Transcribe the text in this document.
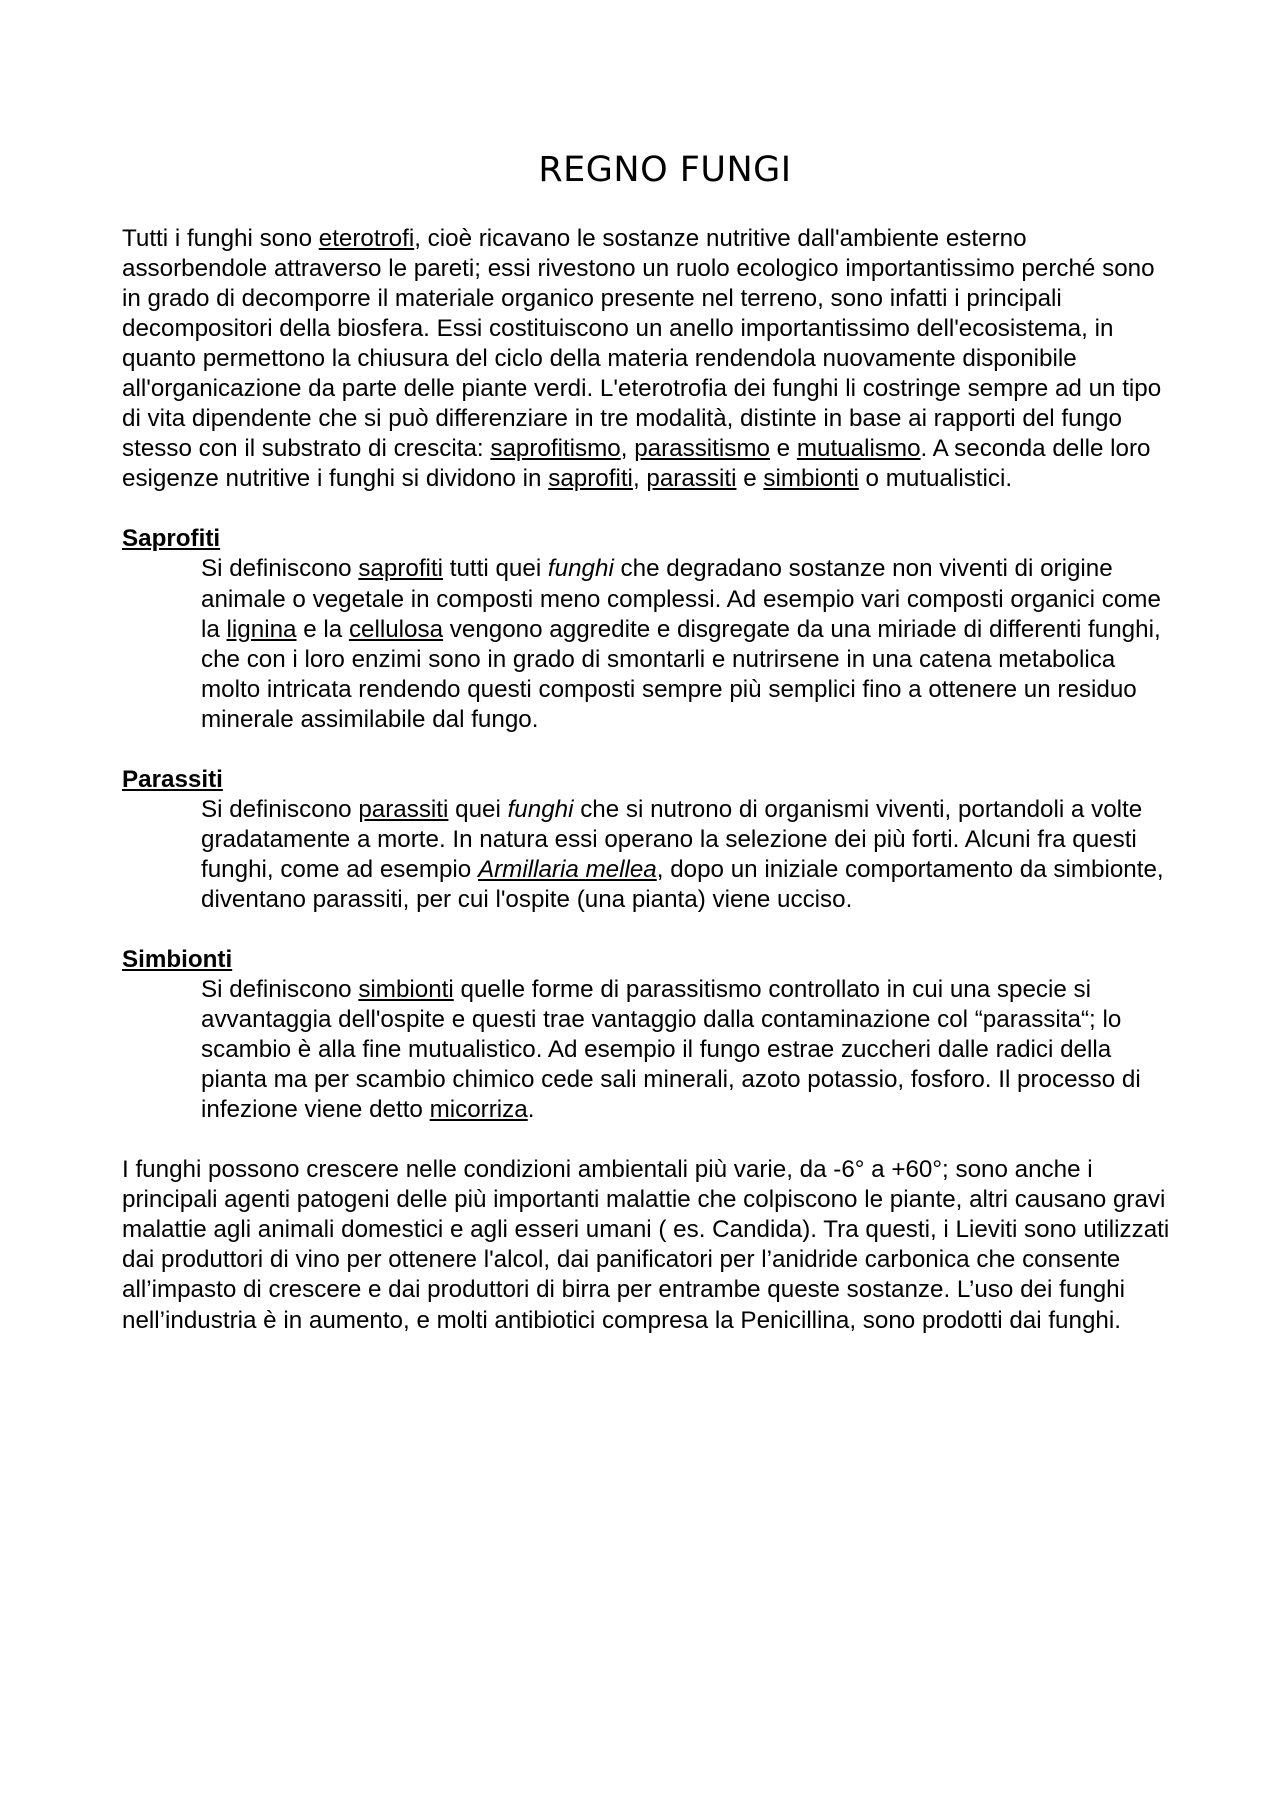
REGNO FUNGI

Tutti i funghi sono eterotrofi, cioè ricavano le sostanze nutritive dall'ambiente esterno assorbendole attraverso le pareti; essi rivestono un ruolo ecologico importantissimo perché sono in grado di decomporre il materiale organico presente nel terreno, sono infatti i principali decompositori della biosfera. Essi costituiscono un anello importantissimo dell'ecosistema, in quanto permettono la chiusura del ciclo della materia rendendola nuovamente disponibile all'organicazione da parte delle piante verdi. L'eterotrofia dei funghi li costringe sempre ad un tipo di vita dipendente che si può differenziare in tre modalità, distinte in base ai rapporti del fungo stesso con il substrato di crescita: saprofitismo, parassitismo e mutualismo. A seconda delle loro esigenze nutritive i funghi si dividono in saprofiti, parassiti e simbionti o mutualistici.

Saprofiti

Si definiscono saprofiti tutti quei funghi che degradano sostanze non viventi di origine animale o vegetale in composti meno complessi. Ad esempio vari composti organici come la lignina e la cellulosa vengono aggredite e disgregate da una miriade di differenti funghi, che con i loro enzimi sono in grado di smontarli e nutrirsene in una catena metabolica molto intricata rendendo questi composti sempre più semplici fino a ottenere un residuo minerale assimilabile dal fungo.

Parassiti

Si definiscono parassiti quei funghi che si nutrono di organismi viventi, portandoli a volte gradatamente a morte. In natura essi operano la selezione dei più forti. Alcuni fra questi funghi, come ad esempio Armillaria mellea, dopo un iniziale comportamento da simbionte, diventano parassiti, per cui l'ospite (una pianta) viene ucciso.

Simbionti

Si definiscono simbionti quelle forme di parassitismo controllato in cui una specie si avvantaggia dell'ospite e questi trae vantaggio dalla contaminazione col “parassita“; lo scambio è alla fine mutualistico. Ad esempio il fungo estrae zuccheri dalle radici della pianta ma per scambio chimico cede sali minerali, azoto potassio, fosforo. Il processo di infezione viene detto micorriza.

I funghi possono crescere nelle condizioni ambientali più varie, da -6° a +60°; sono anche i principali agenti patogeni delle più importanti malattie che colpiscono le piante, altri causano gravi malattie agli animali domestici e agli esseri umani ( es. Candida). Tra questi, i Lieviti sono utilizzati dai produttori di vino per ottenere l'alcol, dai panificatori per l’anidride carbonica che consente all’impasto di crescere e dai produttori di birra per entrambe queste sostanze. L’uso dei funghi nell’industria è in aumento, e molti antibiotici compresa la Penicillina, sono prodotti dai funghi.
